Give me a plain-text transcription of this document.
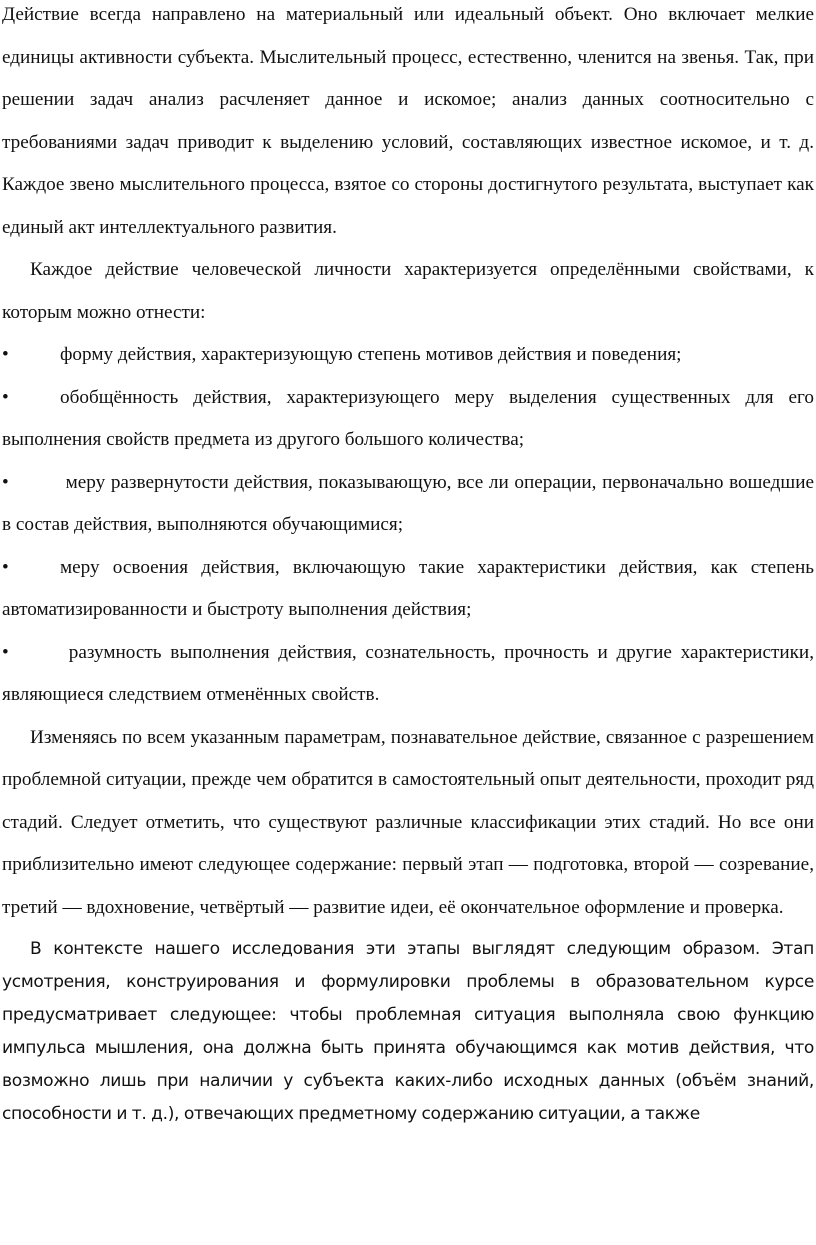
Действие всегда направлено на материальный или идеальный объект. Оно включает мелкие единицы активности субъекта. Мыслительный процесс, естественно, членится на звенья. Так, при решении задач анализ расчленяет данное и искомое; анализ данных соотносительно с требованиями задач приводит к выделению условий, составляющих известное искомое, и т. д. Каждое звено мыслительного процесса, взятое со стороны достигнутого результата, выступает как единый акт интеллектуального развития.

Каждое действие человеческой личности характеризуется определёнными свойствами, к которым можно отнести:

•	форму действия, характеризующую степень мотивов действия и поведения;

•	обобщённость действия, характеризующего меру выделения существенных для его выполнения свойств предмета из другого большого количества;

•	меру развернутости действия, показывающую, все ли операции, первоначально вошедшие в состав действия, выполняются обучающимися;

•	меру освоения действия, включающую такие характеристики действия, как степень автоматизированности и быстроту выполнения действия;

•	разумность выполнения действия, сознательность, прочность и другие характеристики, являющиеся следствием отменённых свойств.

Изменяясь по всем указанным параметрам, познавательное действие, связанное с разрешением проблемной ситуации, прежде чем обратится в самостоятельный опыт деятельности, проходит ряд стадий. Следует отметить, что существуют различные классификации этих стадий. Но все они приблизительно имеют следующее содержание: первый этап — подготовка, второй — созревание, третий — вдохновение, четвёртый — развитие идеи, её окончательное оформление и проверка.

В контексте нашего исследования эти этапы выглядят следующим образом. Этап усмотрения, конструирования и формулировки проблемы в образовательном курсе предусматривает следующее: чтобы проблемная ситуация выполняла свою функцию импульса мышления, она должна быть принята обучающимся как мотив действия, что возможно лишь при наличии у субъекта каких-либо исходных данных (объём знаний, способности и т. д.), отвечающих предметному содержанию ситуации, а также
